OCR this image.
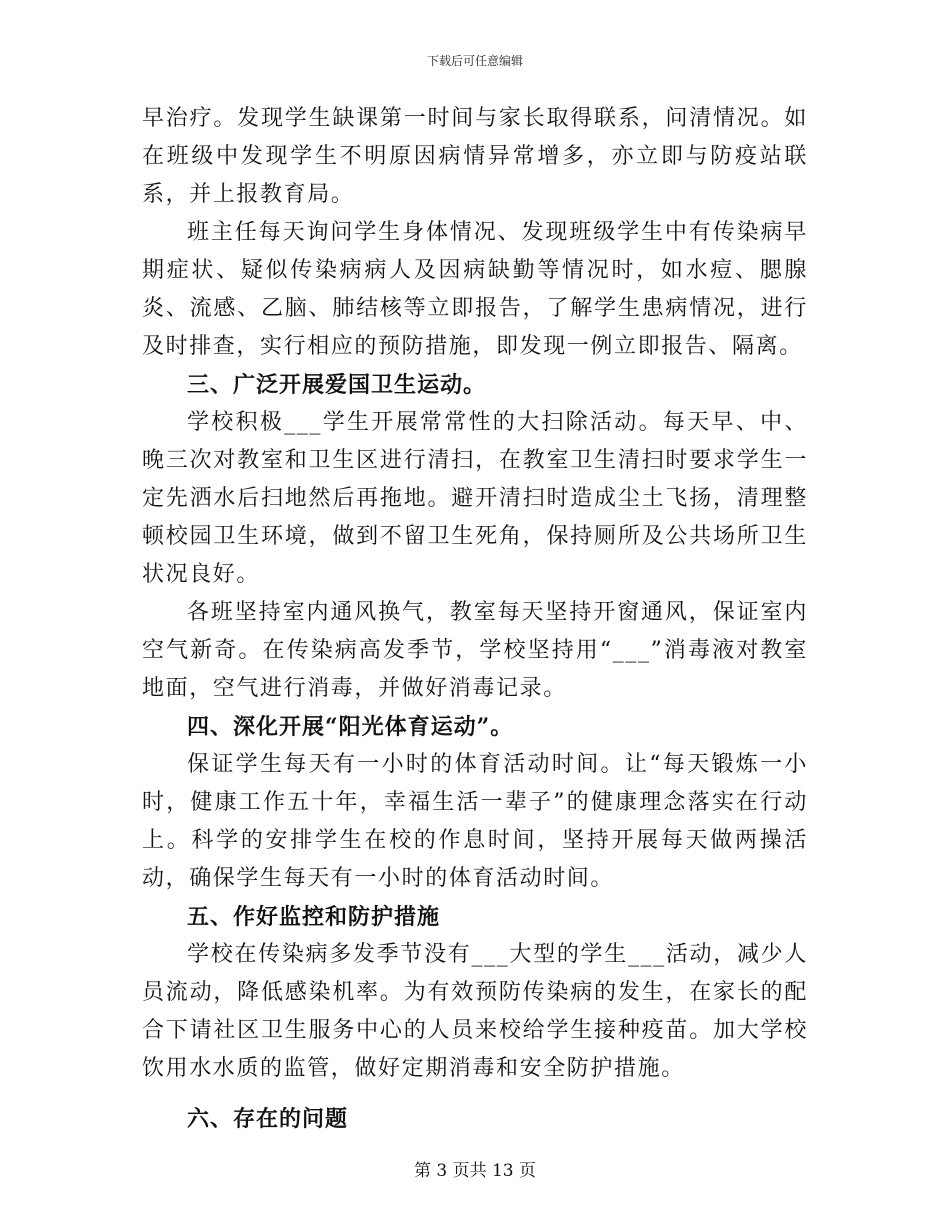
下载后可任意编辑

早治疗。发现学生缺课第一时间与家长取得联系，问清情况。如在班级中发现学生不明原因病情异常增多，亦立即与防疫站联系，并上报教育局。

班主任每天询问学生身体情况、发现班级学生中有传染病早期症状、疑似传染病病人及因病缺勤等情况时，如水痘、腮腺炎、流感、乙脑、肺结核等立即报告，了解学生患病情况，进行及时排查，实行相应的预防措施，即发现一例立即报告、隔离。

三、广泛开展爱国卫生运动。

学校积极___学生开展常常性的大扫除活动。每天早、中、晚三次对教室和卫生区进行清扫，在教室卫生清扫时要求学生一定先洒水后扫地然后再拖地。避开清扫时造成尘土飞扬，清理整顿校园卫生环境，做到不留卫生死角，保持厕所及公共场所卫生状况良好。

各班坚持室内通风换气，教室每天坚持开窗通风，保证室内空气新奇。在传染病高发季节，学校坚持用“___”消毒液对教室地面，空气进行消毒，并做好消毒记录。

四、深化开展“阳光体育运动”。

保证学生每天有一小时的体育活动时间。让“每天锻炼一小时，健康工作五十年，幸福生活一辈子”的健康理念落实在行动上。科学的安排学生在校的作息时间，坚持开展每天做两操活动，确保学生每天有一小时的体育活动时间。

五、作好监控和防护措施

学校在传染病多发季节没有___大型的学生___活动，减少人员流动，降低感染机率。为有效预防传染病的发生，在家长的配合下请社区卫生服务中心的人员来校给学生接种疫苗。加大学校饮用水水质的监管，做好定期消毒和安全防护措施。

六、存在的问题
第 3 页共 13 页
